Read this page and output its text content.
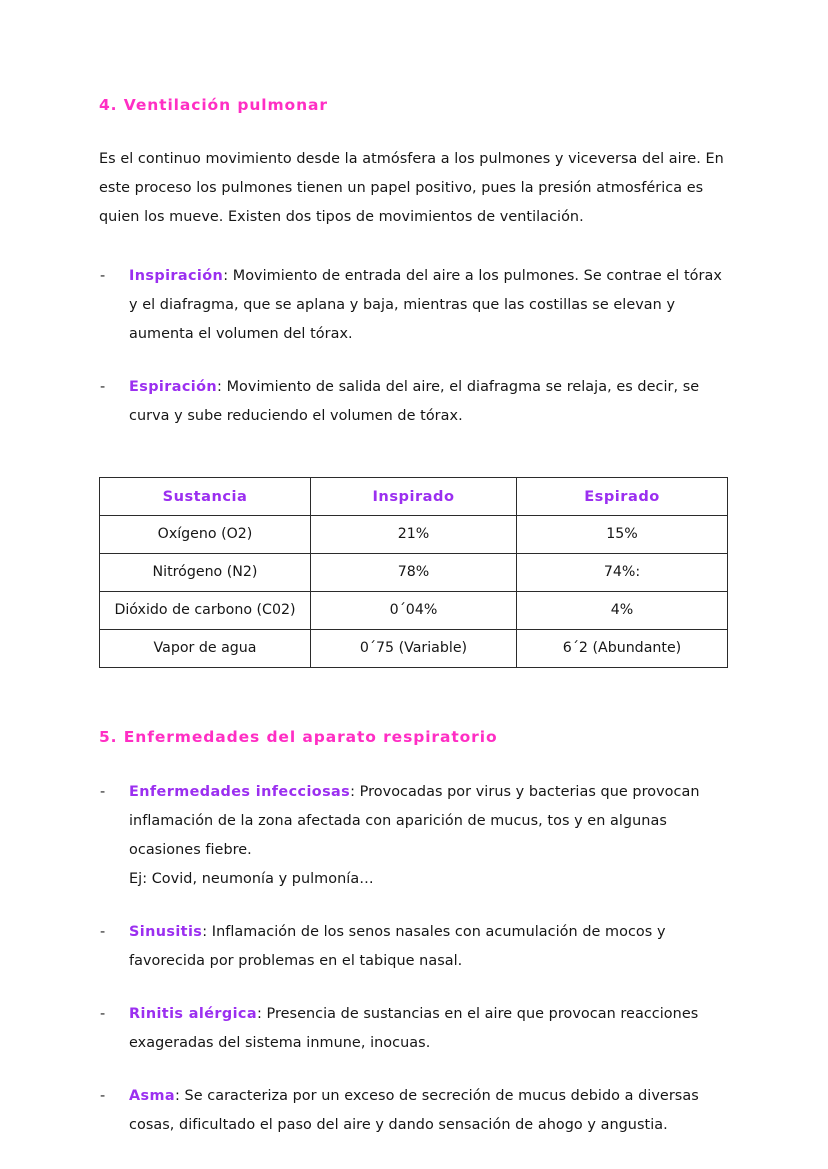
4. Ventilación pulmonar

Es el continuo movimiento desde la atmósfera a los pulmones y viceversa del aire. En este proceso los pulmones tienen un papel positivo, pues la presión atmosférica es quien los mueve. Existen dos tipos de movimientos de ventilación.

- Inspiración: Movimiento de entrada del aire a los pulmones. Se contrae el tórax y el diafragma, que se aplana y baja, mientras que las costillas se elevan y aumenta el volumen del tórax.
- Espiración: Movimiento de salida del aire, el diafragma se relaja, es decir, se curva y sube reduciendo el volumen de tórax.
Sustancia	Inspirado	Espirado
Oxígeno (O2)	21%	15%
Nitrógeno (N2)	78%	74%:
Dióxido de carbono (C02)	0´04%	4%
Vapor de agua	0´75 (Variable)	6´2 (Abundante)
5. Enfermedades del aparato respiratorio
- Enfermedades infecciosas: Provocadas por virus y bacterias que provocan inflamación de la zona afectada con aparición de mucus, tos y en algunas ocasiones fiebre.
Ej: Covid, neumonía y pulmonía…
- Sinusitis: Inflamación de los senos nasales con acumulación de mocos y favorecida por problemas en el tabique nasal.
- Rinitis alérgica: Presencia de sustancias en el aire que provocan reacciones exageradas del sistema inmune, inocuas.
- Asma: Se caracteriza por un exceso de secreción de mucus debido a diversas cosas, dificultado el paso del aire y dando sensación de ahogo y angustia.
